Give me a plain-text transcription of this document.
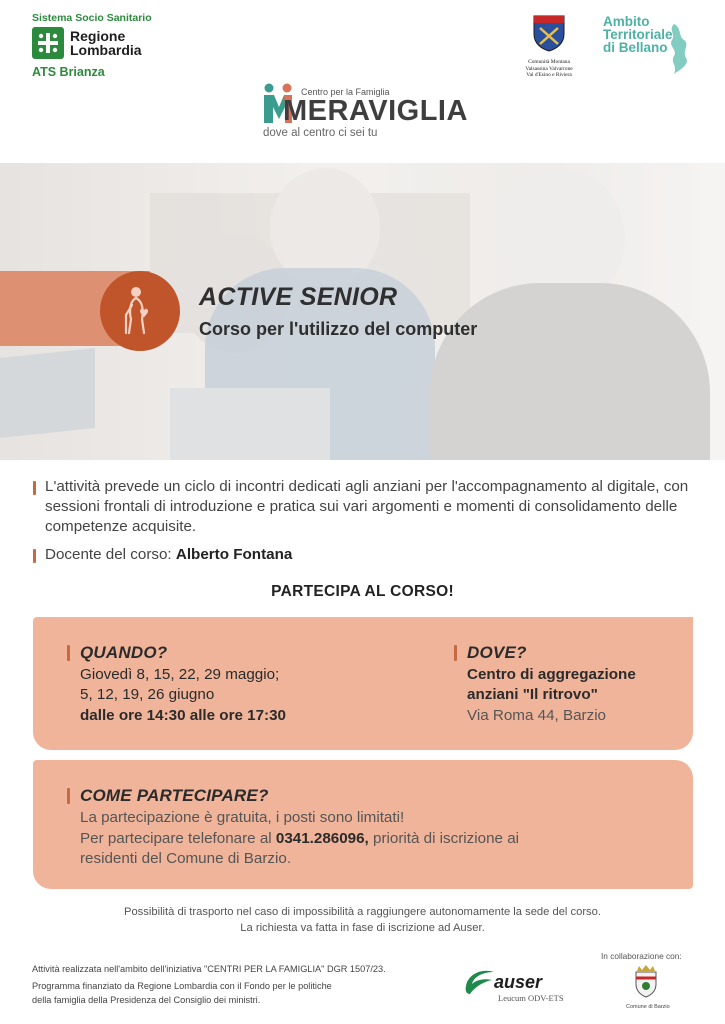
Sistema Socio Sanitario
Regione
Lombardia
ATS Brianza
Comunità Montana
Valsassina Valvarrone
Val d'Esino e Riviera
Ambito
Territoriale
di Bellano
Centro per la Famiglia
MERAVIGLIA
dove al centro ci sei tu
ACTIVE SENIOR
Corso per l'utilizzo del computer
L'attività prevede un ciclo di incontri dedicati agli anziani per l'accompagnamento al digitale, con sessioni frontali di introduzione e pratica sui vari argomenti e momenti di consolidamento delle competenze acquisite.
Docente del corso: Alberto Fontana
PARTECIPA AL CORSO!
QUANDO?
Giovedì 8, 15, 22, 29 maggio;
5, 12, 19, 26 giugno
dalle ore 14:30 alle ore 17:30
DOVE?
Centro di aggregazione
anziani "Il ritrovo"
Via Roma 44, Barzio
COME PARTECIPARE?
La partecipazione è gratuita, i posti sono limitati!
Per partecipare telefonare al 0341.286096, priorità di iscrizione ai
residenti del Comune di Barzio.
Possibilità di trasporto nel caso di impossibilità a raggiungere autonomamente la sede del corso.
La richiesta va fatta in fase di iscrizione ad Auser.
Attività realizzata nell'ambito dell'iniziativa "CENTRI PER LA FAMIGLIA" DGR 1507/23.
Programma finanziato da Regione Lombardia con il Fondo per le politiche
della famiglia della Presidenza del Consiglio dei ministri.
In collaborazione con:
auser
Leucum ODV-ETS
Comune di Barzio
